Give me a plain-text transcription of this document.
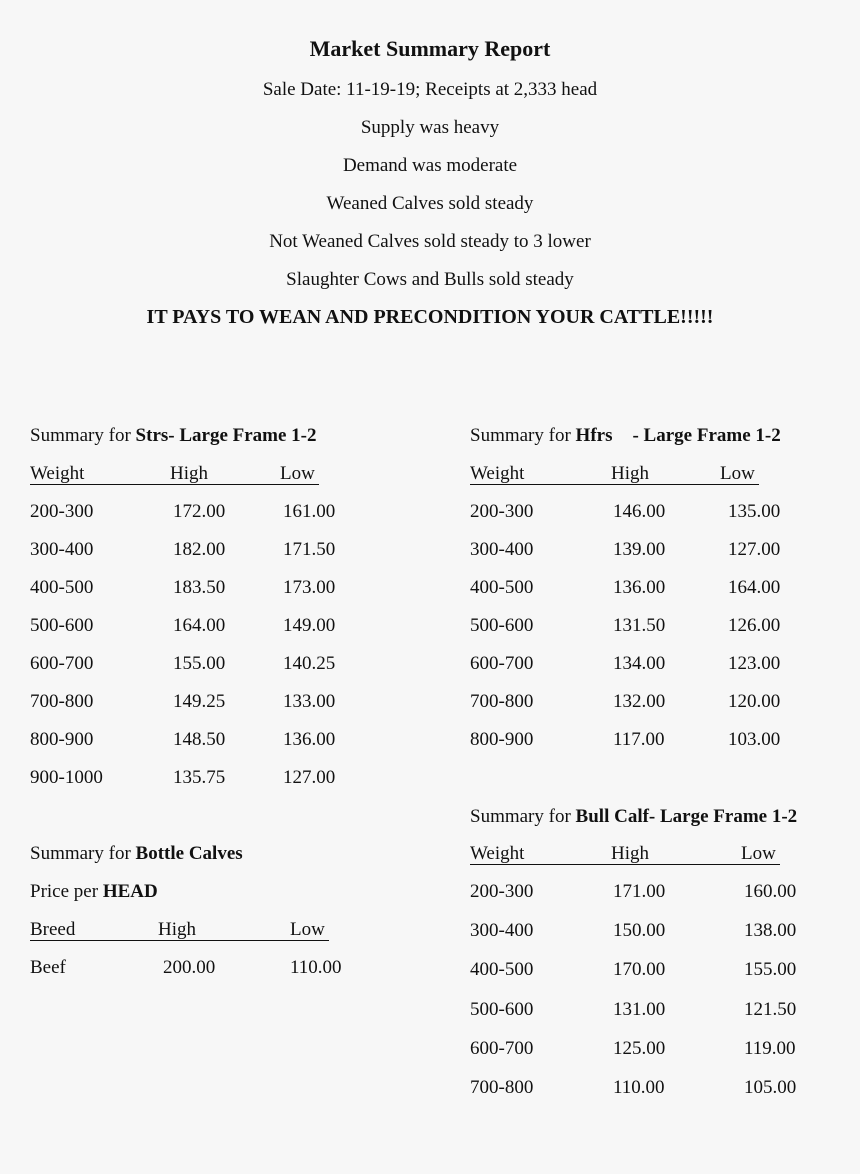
Market Summary Report
Sale Date: 11-19-19; Receipts at 2,333 head
Supply was heavy
Demand was moderate
Weaned Calves sold steady
Not Weaned Calves sold steady to 3 lower
Slaughter Cows and Bulls sold steady
IT PAYS TO WEAN AND PRECONDITION YOUR CATTLE!!!!!
Summary for Strs- Large Frame 1-2
Weight	High	Low
200-300	172.00	161.00
300-400	182.00	171.50
400-500	183.50	173.00
500-600	164.00	149.00
600-700	155.00	140.25
700-800	149.25	133.00
800-900	148.50	136.00
900-1000	135.75	127.00
Summary for Hfrs - Large Frame 1-2
Weight	High	Low
200-300	146.00	135.00
300-400	139.00	127.00
400-500	136.00	164.00
500-600	131.50	126.00
600-700	134.00	123.00
700-800	132.00	120.00
800-900	117.00	103.00
Summary for Bottle Calves
Price per HEAD
Breed	High	Low
Beef	200.00	110.00
Summary for Bull Calf- Large Frame 1-2
Weight	High	Low
200-300	171.00	160.00
300-400	150.00	138.00
400-500	170.00	155.00
500-600	131.00	121.50
600-700	125.00	119.00
700-800	110.00	105.00
